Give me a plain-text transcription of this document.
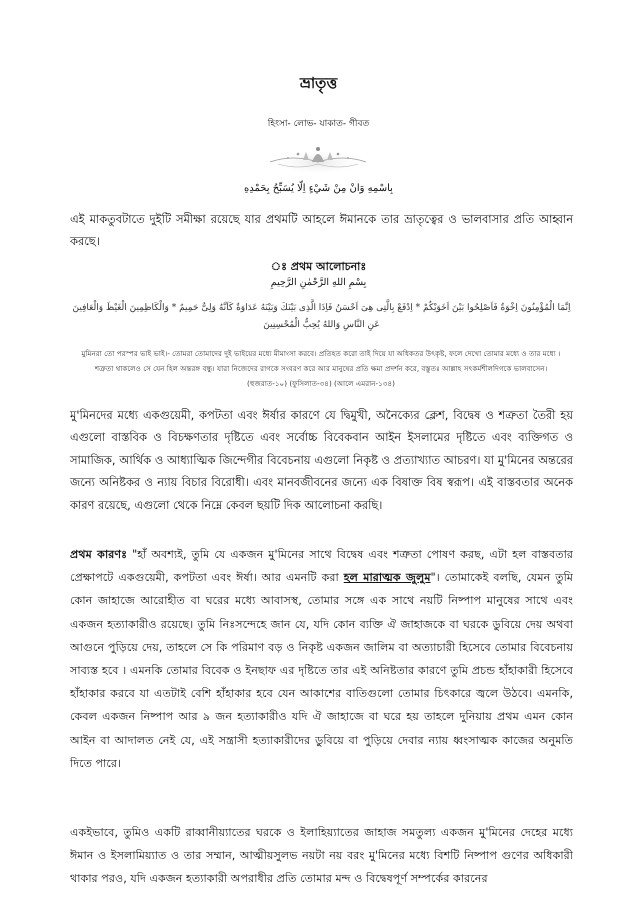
ভ্রাতৃত্ত
হিংসা- লোভ- যাকাত- গীবত
بِاسْمِهِ وَانْ مِنْ شَيْءٍ اِلّا يُسَبِّحُ بِحَمْدِهِ
এই মাকতুবটাতে দুইটি সমীক্ষা রয়েছে যার প্রথমটি আহলে ঈমানকে তার ভ্রাতৃত্বের ও ভালবাসার প্রতি আহ্বান করছে।
ঃ প্রথম আলোচনাঃ
بِسْمِ اللهِ الرَّحْمٰنِ الرَّحِيمِ
اِنَّمَا الْمُؤْمِنُونَ اِخْوَةٌ فَاَصْلِحُوا بَيْنَ اَخَوَيْكُمْ * اِدْفَعْ بِالَّتِى هِىَ اَحْسَنُ فَاِذَا الَّذِى بَيْنَكَ وَبَيْنَهُ عَدَاوَةٌ كَاَنَّهُ وَلِىٌّ حَمِيمٌ * وَالْكَاظِمِينَ الْغَيْظَ وَالْعَافِينَ عَنِ النَّاسِ وَاللهُ يُحِبُّ الْمُحْسِنِينَ
মুমিনরা তো পরস্পর ভাই ভাই।- তোমরা তোমাদের দুই ভাইয়ের মধ্যে মীমাংসা করবে। প্রতিহত করো তাই দিয়ে যা অধিকতর উৎকৃষ্ট, ফলে দেখো তোমার মধ্যে ও তার মধ্যে । শত্রুতা থাকলেও সে যেন হিল অন্তরঙ্গ বন্ধু। যারা নিজেদের রাগকে সংবরণ করে আর মানুষের প্রতি ক্ষমা প্রদর্শন করে, বস্তুতঃ আল্লাহ সৎকর্মশীলদিগকে ভালবাসেন। (হুজরাত-১০) (ফুসিলাত-৩৪) (আলে এমরান-১৩৪)
মু'মিনদের মধ্যে একগুয়েমী, কপটতা এবং ঈর্ষার কারণে যে দ্বিমুখী, অনৈক্যের ক্লেশ, বিদ্বেষ ও শত্রুতা তৈরী হয় এগুলো বাস্তবিক ও বিচক্ষণতার দৃষ্টিতে এবং সর্বোচ্চ বিবেকবান আইন ইসলামের দৃষ্টিতে এবং ব্যক্তিগত ও সামাজিক, আর্থিক ও আধ্যাত্মিক জিন্দেগীর বিবেচনায় এগুলো নিকৃষ্ট ও প্রত্যাখ্যাত আচরণ। যা মু'মিনের অন্তরের জন্যে অনিষ্টকর ও ন্যায় বিচার বিরোধী। এবং মানবজীবনের জন্যে এক বিষাক্ত বিষ স্বরূপ। এই বাস্তবতার অনেক কারণ রয়েছে, এগুলো থেকে নিম্নে কেবল ছয়টি দিক আলোচনা করছি।
প্রথম কারণঃ "হাঁ অবশ্যই, তুমি যে একজন মু'মিনের সাথে বিদ্বেষ এবং শত্রুতা পোষণ করছ, এটা হল বাস্তবতার প্রেক্ষাপটে একগুয়েমী, কপটতা এবং ঈর্ষা। আর এমনটি করা হল মারাত্মক জুলুম"। তোমাকেই বলছি, যেমন তুমি কোন জাহাজে আরোহীত বা ঘরের মধ্যে আবাসস্থ, তোমার সঙ্গে এক সাথে নয়টি নিষ্পাপ মানুষের সাথে এবং একজন হত্যাকারীও রয়েছে। তুমি নিঃসন্দেহে জান যে, যদি কোন ব্যক্তি ঐ জাহাজকে বা ঘরকে ডুবিয়ে দেয় অথবা আগুনে পুড়িয়ে দেয়, তাহলে সে কি পরিমাণ বড় ও নিকৃষ্ট একজন জালিম বা অত্যাচারী হিসেবে তোমার বিবেচনায় সাব্যস্ত হবে । এমনকি তোমার বিবেক ও ইনছাফ এর দৃষ্টিতে তার এই অনিষ্টতার কারণে তুমি প্রচন্ড হাঁহাকারী হিসেবে হাঁহাকার করবে যা এতটাই বেশি হাঁহাকার হবে যেন আকাশের বাতিগুলো তোমার চিৎকারে জ্বলে উঠবে। এমনকি, কেবল একজন নিষ্পাপ আর ৯ জন হত্যাকারীও যদি ঐ জাহাজে বা ঘরে হয় তাহলে দুনিয়ায় প্রথম এমন কোন আইন বা আদালত নেই যে, এই সন্ত্রাসী হত্যাকারীদের ডুবিয়ে বা পুড়িয়ে দেবার ন্যায় ধ্বংসাত্মক কাজের অনুমতি দিতে পারে।
একইভাবে, তুমিও একটি রাব্বানীয়্যাতের ঘরকে ও ইলাহিয়্যাতের জাহাজ সমতুল্য একজন মু'মিনের দেহের মধ্যে ঈমান ও ইসলামিয়্যাত ও তার সম্মান, আত্মীয়সুলভ নয়টা নয় বরং মু'মিনের মধ্যে বিশটি নিষ্পাপ গুণের অধিকারী থাকার পরও, যদি একজন হত্যাকারী অপরাধীর প্রতি তোমার মন্দ ও বিদ্বেষপূর্ণ সম্পর্কের কারনের
